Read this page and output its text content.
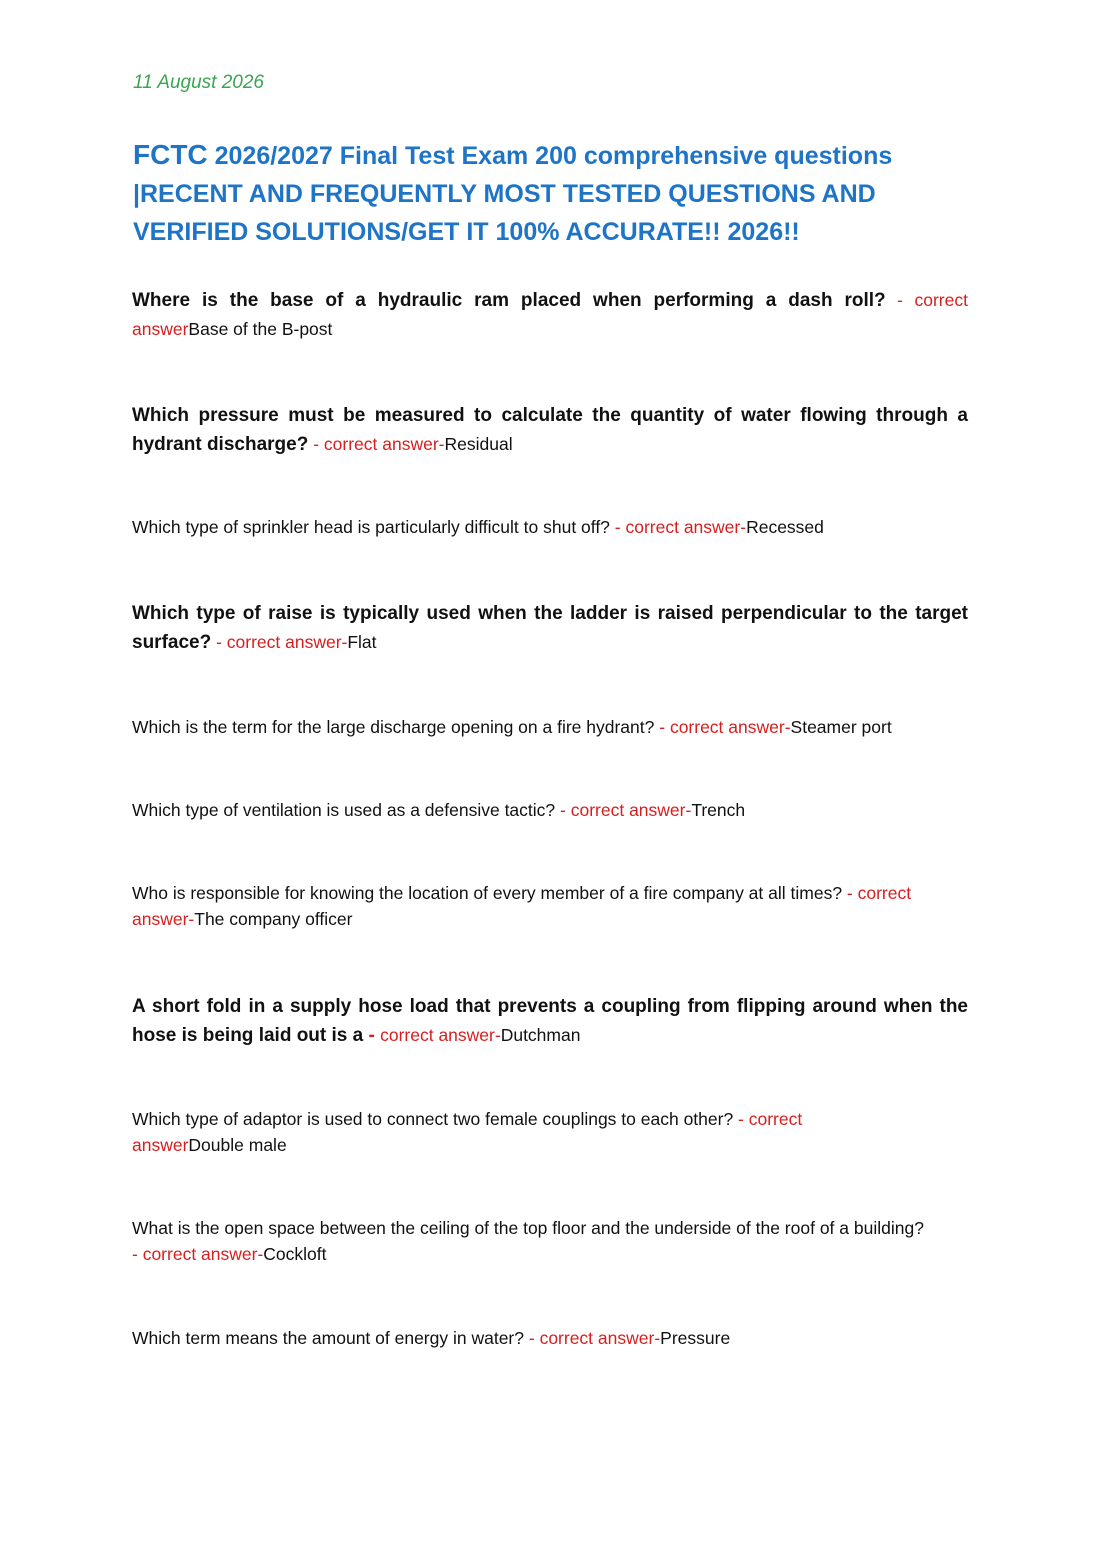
11 August 2026
FCTC 2026/2027 Final Test Exam 200 comprehensive questions |RECENT AND FREQUENTLY MOST TESTED QUESTIONS AND VERIFIED SOLUTIONS/GET IT 100% ACCURATE!! 2026!!

Where is the base of a hydraulic ram placed when performing a dash roll? - correct answerBase of the B-post

Which pressure must be measured to calculate the quantity of water flowing through a hydrant discharge? - correct answer-Residual

Which type of sprinkler head is particularly difficult to shut off? - correct answer-Recessed

Which type of raise is typically used when the ladder is raised perpendicular to the target surface? - correct answer-Flat

Which is the term for the large discharge opening on a fire hydrant? - correct answer-Steamer port

Which type of ventilation is used as a defensive tactic? - correct answer-Trench

Who is responsible for knowing the location of every member of a fire company at all times? - correct answer-The company officer

A short fold in a supply hose load that prevents a coupling from flipping around when the hose is being laid out is a - correct answer-Dutchman

Which type of adaptor is used to connect two female couplings to each other? - correct answerDouble male

What is the open space between the ceiling of the top floor and the underside of the roof of a building? - correct answer-Cockloft

Which term means the amount of energy in water? - correct answer-Pressure
